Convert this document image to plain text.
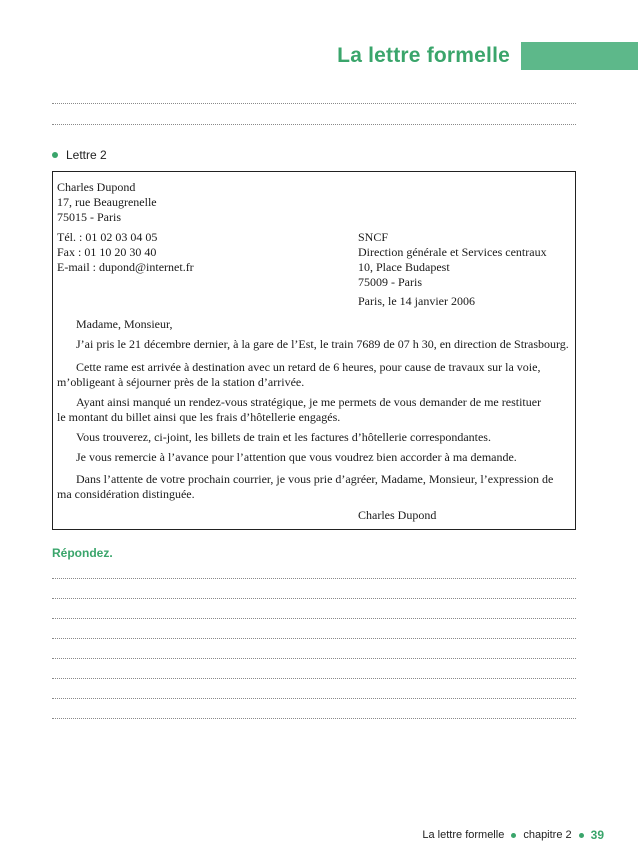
La lettre formelle
Lettre 2
Charles Dupond
17, rue Beaugrenelle
75015 - Paris
Tél. : 01 02 03 04 05
Fax : 01 10 20 30 40
E-mail : dupond@internet.fr
SNCF
Direction générale et Services centraux
10, Place Budapest
75009 - Paris
Paris, le 14 janvier 2006
Madame, Monsieur,
J’ai pris le 21 décembre dernier, à la gare de l’Est, le train 7689 de 07 h 30, en direction de Strasbourg.
Cette rame est arrivée à destination avec un retard de 6 heures, pour cause de travaux sur la voie,
m’obligeant à séjourner près de la station d’arrivée.
Ayant ainsi manqué un rendez-vous stratégique, je me permets de vous demander de me restituer
le montant du billet ainsi que les frais d’hôtellerie engagés.
Vous trouverez, ci-joint, les billets de train et les factures d’hôtellerie correspondantes.
Je vous remercie à l’avance pour l’attention que vous voudrez bien accorder à ma demande.
Dans l’attente de votre prochain courrier, je vous prie d’agréer, Madame, Monsieur, l’expression de
ma considération distinguée.
Charles Dupond
Répondez.
La lettre formelle chapitre 2 39
